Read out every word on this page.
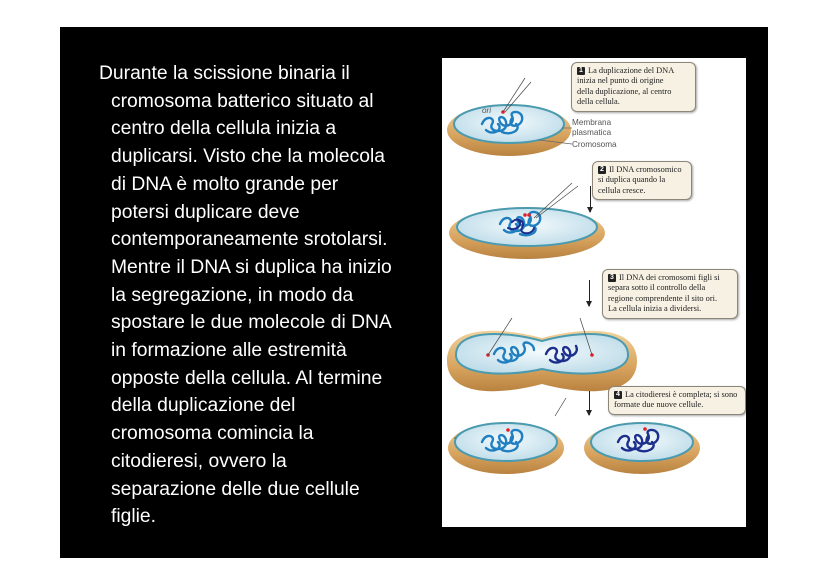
Durante la scissione binaria il
cromosoma batterico situato al
centro della cellula inizia a
duplicarsi. Visto che la molecola
di DNA è molto grande per
potersi duplicare deve
contemporaneamente srotolarsi.
Mentre il DNA si duplica ha inizio
la segregazione, in modo da
spostare le due molecole di DNA
in formazione alle estremità
opposte della cellula. Al termine
della duplicazione del
cromosoma comincia la
citodieresi, ovvero la
separazione delle due cellule
figlie.
ori
Membrana
plasmatica
Cromosoma
1 La duplicazione del DNA
inizia nel punto di origine
della duplicazione, al centro
della cellula.
2 Il DNA cromosomico
si duplica quando la
cellula cresce.
3 Il DNA dei cromosomi figli si
separa sotto il controllo della
regione comprendente il sito ori.
La cellula inizia a dividersi.
4 La citodieresi è completa; si sono
formate due nuove cellule.
